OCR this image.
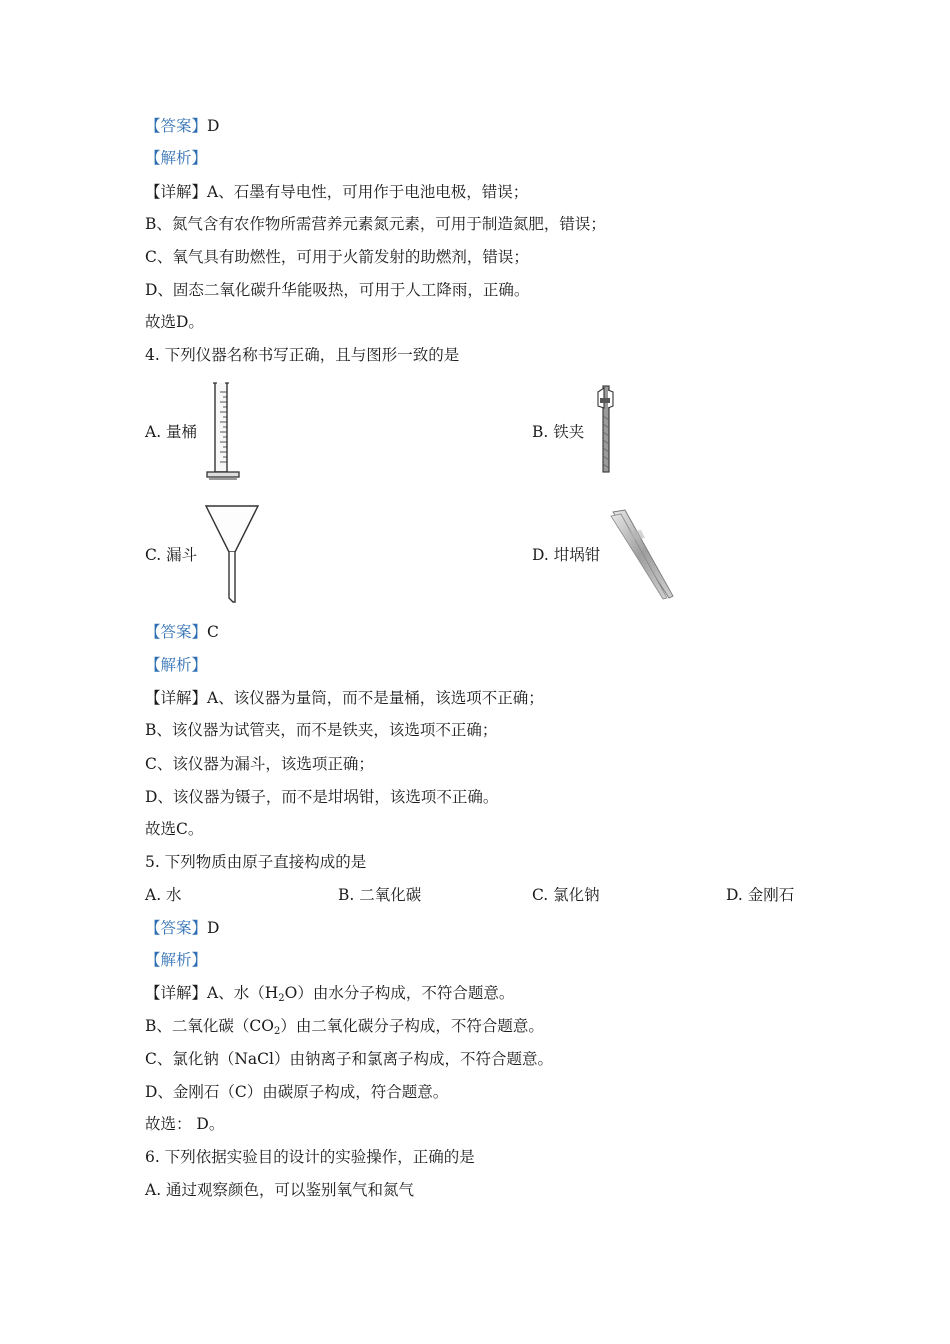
【答案】D
【解析】
【详解】A、石墨有导电性，可用作于电池电极，错误；
B、氮气含有农作物所需营养元素氮元素，可用于制造氮肥，错误；
C、氧气具有助燃性，可用于火箭发射的助燃剂，错误；
D、固态二氧化碳升华能吸热，可用于人工降雨，正确。
故选D。
4. 下列仪器名称书写正确，且与图形一致的是
A. 量桶	B. 铁夹
C. 漏斗	D. 坩埚钳
【答案】C
【解析】
【详解】A、该仪器为量筒，而不是量桶，该选项不正确；
B、该仪器为试管夹，而不是铁夹，该选项不正确；
C、该仪器为漏斗，该选项正确；
D、该仪器为镊子，而不是坩埚钳，该选项不正确。
故选C。
5. 下列物质由原子直接构成的是
A. 水	B. 二氧化碳	C. 氯化钠	D. 金刚石
【答案】D
【解析】
【详解】A、水$(H_2O)$由水分子构成，不符合题意。
B、二氧化碳$(CO_2)$由二氧化碳分子构成，不符合题意。
C、氯化钠（NaCl）由钠离子和氯离子构成，不符合题意。
D、金刚石（C）由碳原子构成，符合题意。
故选： D。
6. 下列依据实验目的设计的实验操作，正确的是
A. 通过观察颜色，可以鉴别氧气和氮气
